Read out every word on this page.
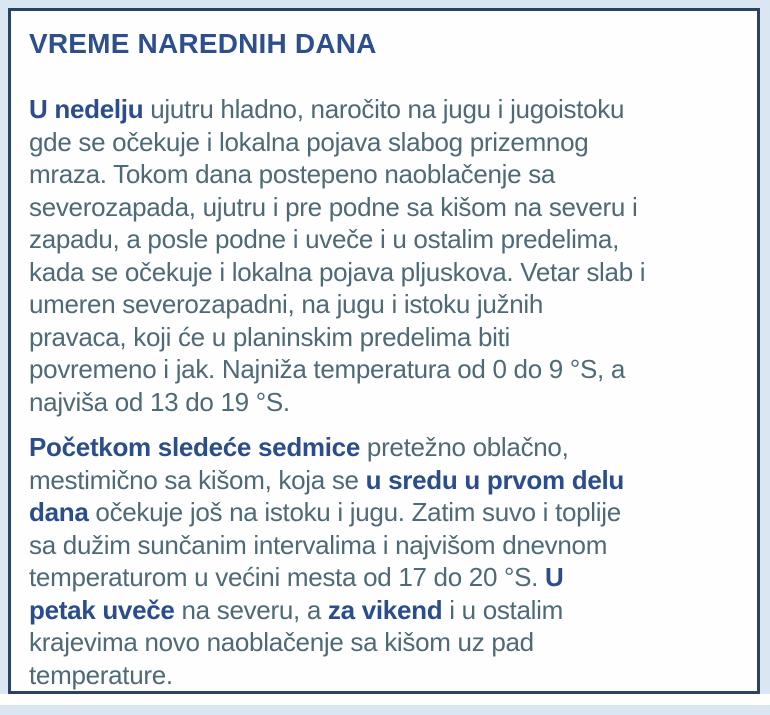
VREME NAREDNIH DANA
U nedelju ujutru hladno, naročito na jugu i jugoistoku
gde se očekuje i lokalna pojava slabog prizemnog
mraza. Tokom dana postepeno naoblačenje sa
severozapada, ujutru i pre podne sa kišom na severu i
zapadu, a posle podne i uveče i u ostalim predelima,
kada se očekuje i lokalna pojava pljuskova. Vetar slab i
umeren severozapadni, na jugu i istoku južnih
pravaca, koji će u planinskim predelima biti
povremeno i jak. Najniža temperatura od 0 do 9 °S, a
najviša od 13 do 19 °S.
Početkom sledeće sedmice pretežno oblačno,
mestimično sa kišom, koja se u sredu u prvom delu
dana očekuje još na istoku i jugu. Zatim suvo i toplije
sa dužim sunčanim intervalima i najvišom dnevnom
temperaturom u većini mesta od 17 do 20 °S. U
petak uveče na severu, a za vikend i u ostalim
krajevima novo naoblačenje sa kišom uz pad
temperature.
